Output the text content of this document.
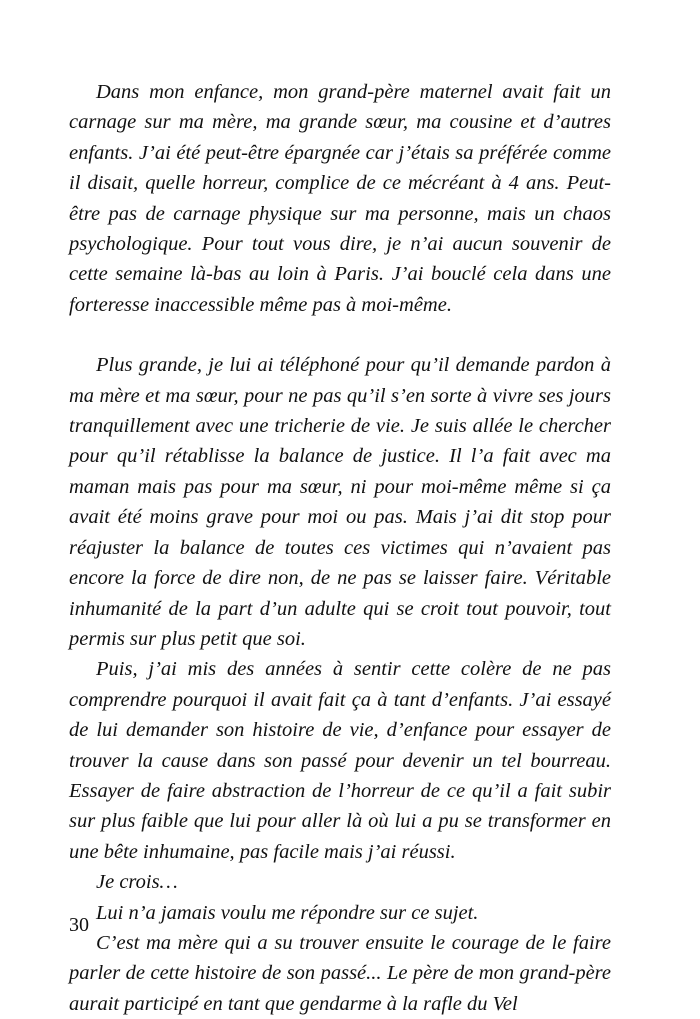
Dans mon enfance, mon grand-père maternel avait fait un carnage sur ma mère, ma grande sœur, ma cousine et d’autres enfants. J’ai été peut-être épargnée car j’étais sa préférée comme il disait, quelle horreur, complice de ce mécréant à 4 ans. Peut-être pas de carnage physique sur ma personne, mais un chaos psychologique. Pour tout vous dire, je n’ai aucun souvenir de cette semaine là-bas au loin à Paris. J’ai bouclé cela dans une forteresse inaccessible même pas à moi-même.

Plus grande, je lui ai téléphoné pour qu’il demande pardon à ma mère et ma sœur, pour ne pas qu’il s’en sorte à vivre ses jours tranquillement avec une tricherie de vie. Je suis allée le chercher pour qu’il rétablisse la balance de justice. Il l’a fait avec ma maman mais pas pour ma sœur, ni pour moi-même même si ça avait été moins grave pour moi ou pas. Mais j’ai dit stop pour réajuster la balance de toutes ces victimes qui n’avaient pas encore la force de dire non, de ne pas se laisser faire. Véritable inhumanité de la part d’un adulte qui se croit tout pouvoir, tout permis sur plus petit que soi.

Puis, j’ai mis des années à sentir cette colère de ne pas comprendre pourquoi il avait fait ça à tant d’enfants. J’ai essayé de lui demander son histoire de vie, d’enfance pour essayer de trouver la cause dans son passé pour devenir un tel bourreau. Essayer de faire abstraction de l’horreur de ce qu’il a fait subir sur plus faible que lui pour aller là où lui a pu se transformer en une bête inhumaine, pas facile mais j’ai réussi.

Je crois…

Lui n’a jamais voulu me répondre sur ce sujet.

C’est ma mère qui a su trouver ensuite le courage de le faire parler de cette histoire de son passé... Le père de mon grand-père aurait participé en tant que gendarme à la rafle du Vel

30
